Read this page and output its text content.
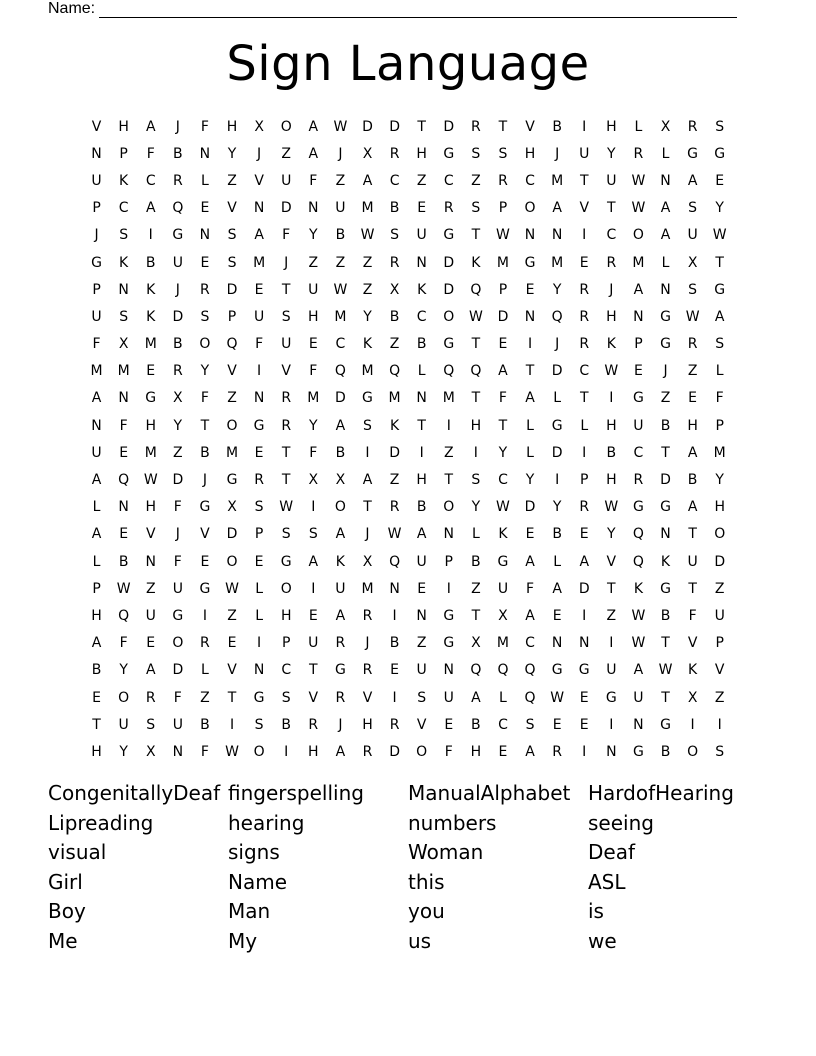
Name:
Sign Language
V	H	A	J	F	H	X	O	A	W	D	D	T	D	R	T	V	B	I	H	L	X	R	S
N	P	F	B	N	Y	J	Z	A	J	X	R	H	G	S	S	H	J	U	Y	R	L	G	G
U	K	C	R	L	Z	V	U	F	Z	A	C	Z	C	Z	R	C	M	T	U	W	N	A	E
P	C	A	Q	E	V	N	D	N	U	M	B	E	R	S	P	O	A	V	T	W	A	S	Y
J	S	I	G	N	S	A	F	Y	B	W	S	U	G	T	W	N	N	I	C	O	A	U	W
G	K	B	U	E	S	M	J	Z	Z	Z	R	N	D	K	M	G	M	E	R	M	L	X	T
P	N	K	J	R	D	E	T	U	W	Z	X	K	D	Q	P	E	Y	R	J	A	N	S	G
U	S	K	D	S	P	U	S	H	M	Y	B	C	O	W	D	N	Q	R	H	N	G	W	A
F	X	M	B	O	Q	F	U	E	C	K	Z	B	G	T	E	I	J	R	K	P	G	R	S
M	M	E	R	Y	V	I	V	F	Q	M	Q	L	Q	Q	A	T	D	C	W	E	J	Z	L
A	N	G	X	F	Z	N	R	M	D	G	M	N	M	T	F	A	L	T	I	G	Z	E	F
N	F	H	Y	T	O	G	R	Y	A	S	K	T	I	H	T	L	G	L	H	U	B	H	P
U	E	M	Z	B	M	E	T	F	B	I	D	I	Z	I	Y	L	D	I	B	C	T	A	M
A	Q	W	D	J	G	R	T	X	X	A	Z	H	T	S	C	Y	I	P	H	R	D	B	Y
L	N	H	F	G	X	S	W	I	O	T	R	B	O	Y	W	D	Y	R	W	G	G	A	H
A	E	V	J	V	D	P	S	S	A	J	W	A	N	L	K	E	B	E	Y	Q	N	T	O
L	B	N	F	E	O	E	G	A	K	X	Q	U	P	B	G	A	L	A	V	Q	K	U	D
P	W	Z	U	G	W	L	O	I	U	M	N	E	I	Z	U	F	A	D	T	K	G	T	Z
H	Q	U	G	I	Z	L	H	E	A	R	I	N	G	T	X	A	E	I	Z	W	B	F	U
A	F	E	O	R	E	I	P	U	R	J	B	Z	G	X	M	C	N	N	I	W	T	V	P
B	Y	A	D	L	V	N	C	T	G	R	E	U	N	Q	Q	Q	G	G	U	A	W	K	V
E	O	R	F	Z	T	G	S	V	R	V	I	S	U	A	L	Q	W	E	G	U	T	X	Z
T	U	S	U	B	I	S	B	R	J	H	R	V	E	B	C	S	E	E	I	N	G	I	I
H	Y	X	N	F	W	O	I	H	A	R	D	O	F	H	E	A	R	I	N	G	B	O	S
CongenitallyDeaf fingerspelling	ManualAlphabet HardofHearing
Lipreading	hearing	numbers	seeing
visual	signs	Woman	Deaf
Girl	Name	this	ASL
Boy	Man	you	is
Me	My	us	we
